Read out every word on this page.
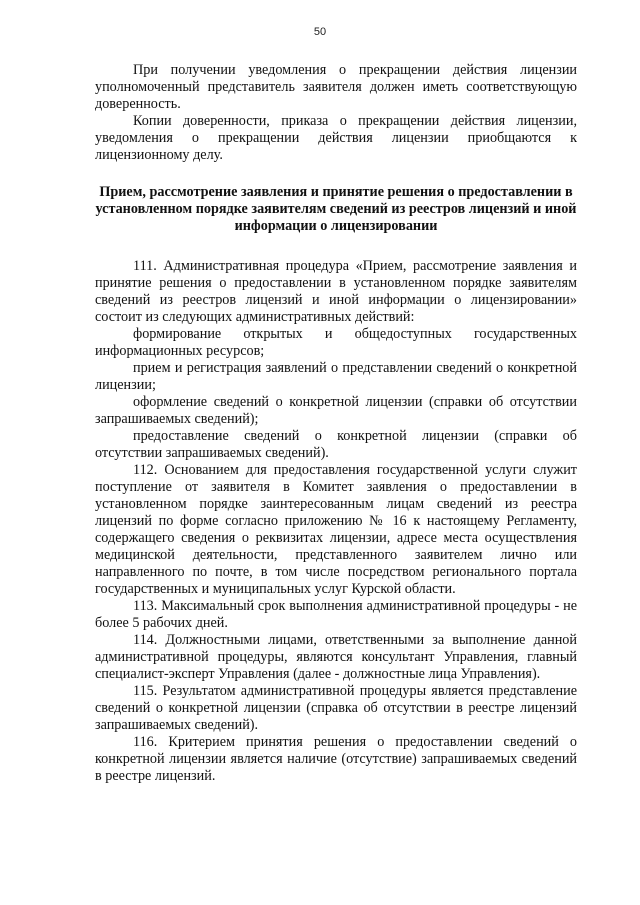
50

При получении уведомления о прекращении действия лицензии уполномоченный представитель заявителя должен иметь соответствующую доверенность.

Копии доверенности, приказа о прекращении действия лицензии, уведомления о прекращении действия лицензии приобщаются к лицензионному делу.

Прием, рассмотрение заявления и принятие решения о предоставлении в установленном порядке заявителям сведений из реестров лицензий и иной информации о лицензировании

111. Административная процедура «Прием, рассмотрение заявления и принятие решения о предоставлении в установленном порядке заявителям сведений из реестров лицензий и иной информации о лицензировании» состоит из следующих административных действий:

формирование открытых и общедоступных государственных информационных ресурсов;

прием и регистрация заявлений о представлении сведений о конкретной лицензии;

оформление сведений о конкретной лицензии (справки об отсутствии запрашиваемых сведений);

предоставление сведений о конкретной лицензии (справки об отсутствии запрашиваемых сведений).

112. Основанием для предоставления государственной услуги служит поступление от заявителя в Комитет заявления о предоставлении в установленном порядке заинтересованным лицам сведений из реестра лицензий по форме согласно приложению № 16 к настоящему Регламенту, содержащего сведения о реквизитах лицензии, адресе места осуществления медицинской деятельности, представленного заявителем лично или направленного по почте, в том числе посредством регионального портала государственных и муниципальных услуг Курской области.

113. Максимальный срок выполнения административной процедуры - не более 5 рабочих дней.

114. Должностными лицами, ответственными за выполнение данной административной процедуры, являются консультант Управления, главный специалист-эксперт Управления (далее - должностные лица Управления).

115. Результатом административной процедуры является представление сведений о конкретной лицензии (справка об отсутствии в реестре лицензий запрашиваемых сведений).

116. Критерием принятия решения о предоставлении сведений о конкретной лицензии является наличие (отсутствие) запрашиваемых сведений в реестре лицензий.
